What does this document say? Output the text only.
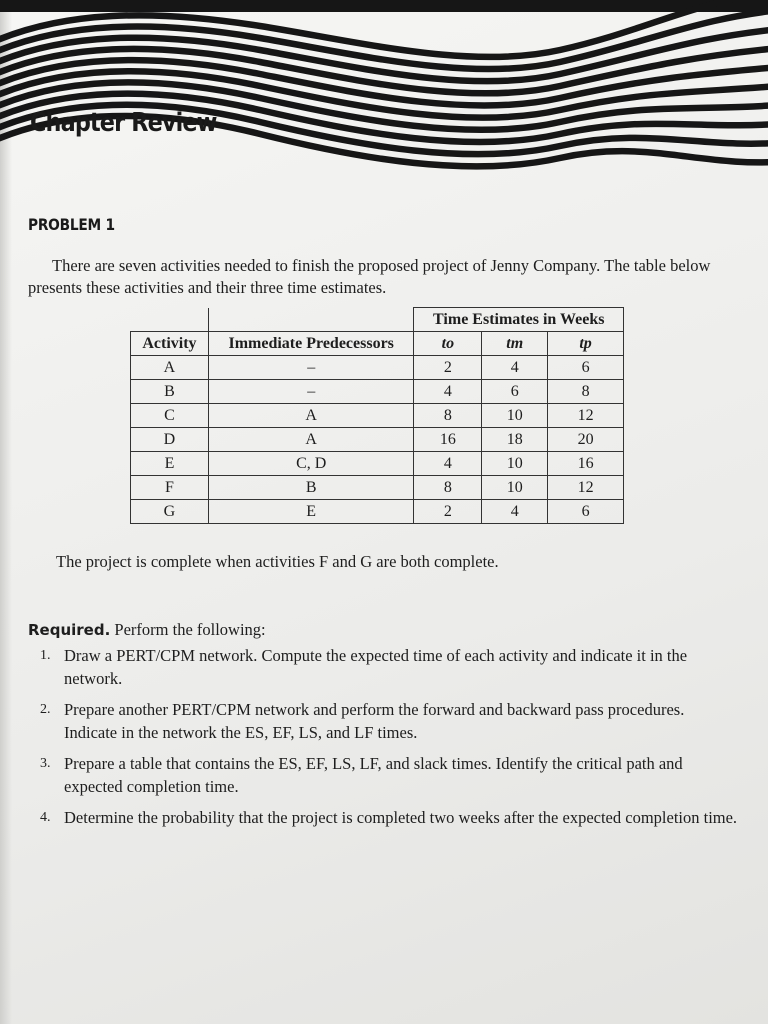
Chapter Review
PROBLEM 1

There are seven activities needed to finish the proposed project of Jenny Company. The table below presents these activities and their three time estimates.

		Time Estimates in Weeks		
Activity	Immediate Predecessors	to	tm	tp
A	–	2	4	6
B	–	4	6	8
C	A	8	10	12
D	A	16	18	20
E	C, D	4	10	16
F	B	8	10	12
G	E	2	4	6

The project is complete when activities F and G are both complete.

Required. Perform the following:

1. Draw a PERT/CPM network. Compute the expected time of each activity and indicate it in the network.
2. Prepare another PERT/CPM network and perform the forward and backward pass procedures. Indicate in the network the ES, EF, LS, and LF times.
3. Prepare a table that contains the ES, EF, LS, LF, and slack times. Identify the critical path and expected completion time.
4. Determine the probability that the project is completed two weeks after the expected completion time.
